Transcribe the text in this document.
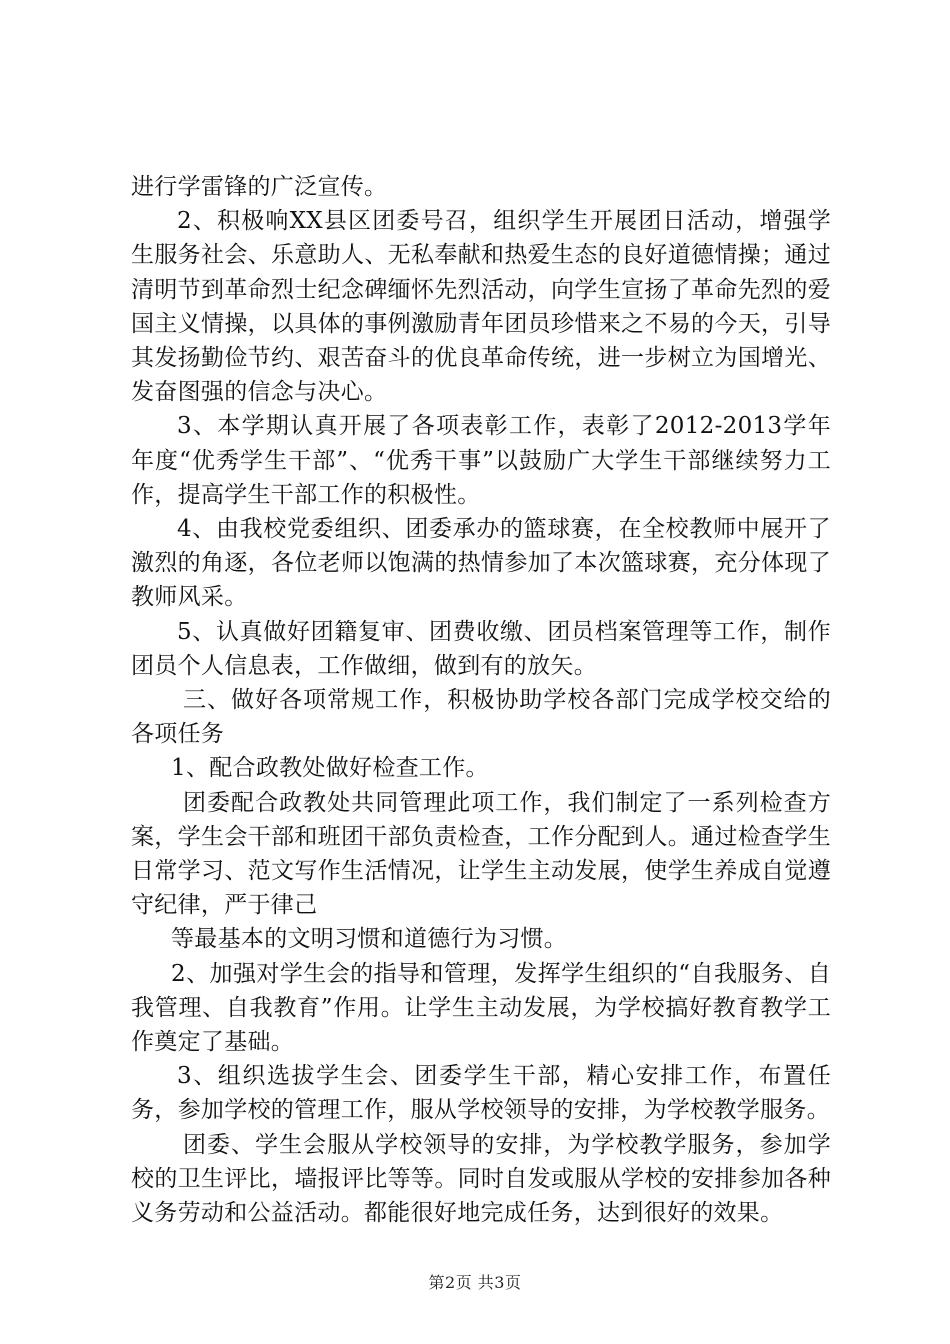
进行学雷锋的广泛宣传。

2、积极响XX县区团委号召，组织学生开展团日活动，增强学生服务社会、乐意助人、无私奉献和热爱生态的良好道德情操；通过清明节到革命烈士纪念碑缅怀先烈活动，向学生宣扬了革命先烈的爱国主义情操，以具体的事例激励青年团员珍惜来之不易的今天，引导其发扬勤俭节约、艰苦奋斗的优良革命传统，进一步树立为国增光、发奋图强的信念与决心。

3、本学期认真开展了各项表彰工作，表彰了2012-2013学年年度“优秀学生干部”、“优秀干事”以鼓励广大学生干部继续努力工作，提高学生干部工作的积极性。

4、由我校党委组织、团委承办的篮球赛，在全校教师中展开了激烈的角逐，各位老师以饱满的热情参加了本次篮球赛，充分体现了教师风采。

5、认真做好团籍复审、团费收缴、团员档案管理等工作，制作团员个人信息表，工作做细，做到有的放矢。

三、做好各项常规工作，积极协助学校各部门完成学校交给的各项任务

1、配合政教处做好检查工作。

团委配合政教处共同管理此项工作，我们制定了一系列检查方案，学生会干部和班团干部负责检查，工作分配到人。通过检查学生日常学习、范文写作生活情况，让学生主动发展，使学生养成自觉遵守纪律，严于律己

等最基本的文明习惯和道德行为习惯。

2、加强对学生会的指导和管理，发挥学生组织的“自我服务、自我管理、自我教育”作用。让学生主动发展，为学校搞好教育教学工作奠定了基础。

3、组织选拔学生会、团委学生干部，精心安排工作，布置任务，参加学校的管理工作，服从学校领导的安排，为学校教学服务。

团委、学生会服从学校领导的安排，为学校教学服务，参加学校的卫生评比，墙报评比等等。同时自发或服从学校的安排参加各种义务劳动和公益活动。都能很好地完成任务，达到很好的效果。

第2页 共3页
